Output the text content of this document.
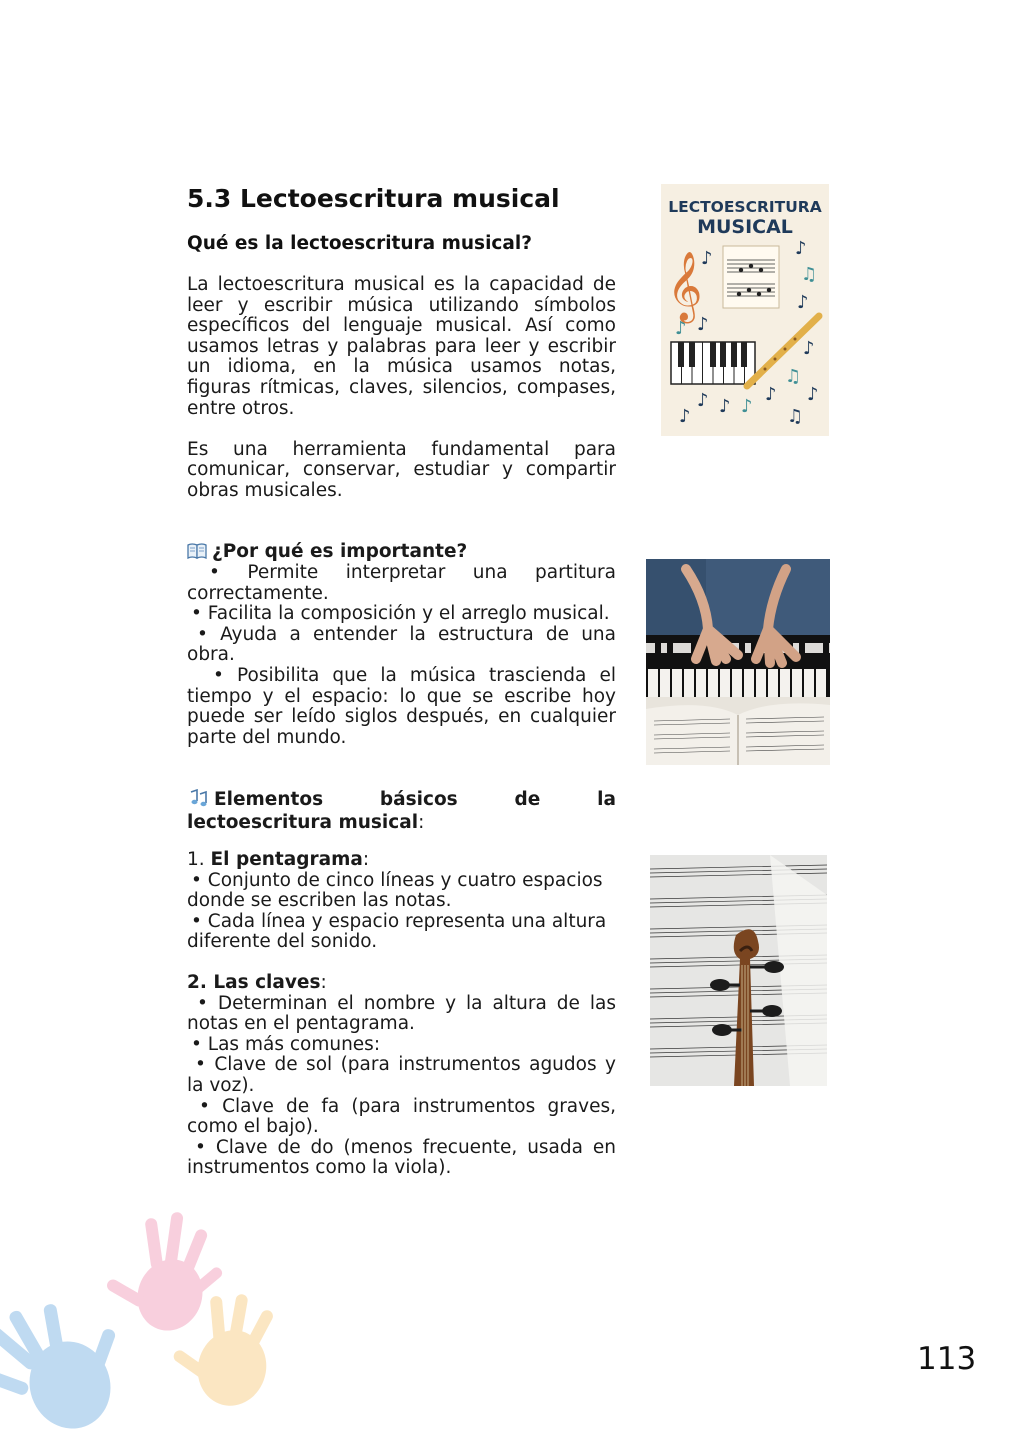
5.3 Lectoescritura musical
Qué es la lectoescritura musical?

La lectoescritura musical es la capacidad de leer y escribir música utilizando símbolos específicos del lenguaje musical. Así como usamos letras y palabras para leer y escribir un idioma, en la música usamos notas, figuras rítmicas, claves, silencios, compases, entre otros.

Es una herramienta fundamental para comunicar, conservar, estudiar y compartir obras musicales.

¿Por qué es importante?

• Permite interpretar una partitura correctamente.

• Facilita la composición y el arreglo musical.

• Ayuda a entender la estructura de una obra.

• Posibilita que la música trascienda el tiempo y el espacio: lo que se escribe hoy puede ser leído siglos después, en cualquier parte del mundo.

Elementos básicos de la lectoescritura musical:

1. El pentagrama:

• Conjunto de cinco líneas y cuatro espacios donde se escriben las notas.

• Cada línea y espacio representa una altura diferente del sonido.

2. Las claves:

• Determinan el nombre y la altura de las notas en el pentagrama.

• Las más comunes:

• Clave de sol (para instrumentos agudos y la voz).

• Clave de fa (para instrumentos graves, como el bajo).

• Clave de do (menos frecuente, usada en instrumentos como la viola).

LECTOESCRITURA
MUSICAL
𝄞
♪	♪
♫
♪
♪ ♪
♪
♫
♪
♪ ♪ ♪
♪
♫
♪
113
